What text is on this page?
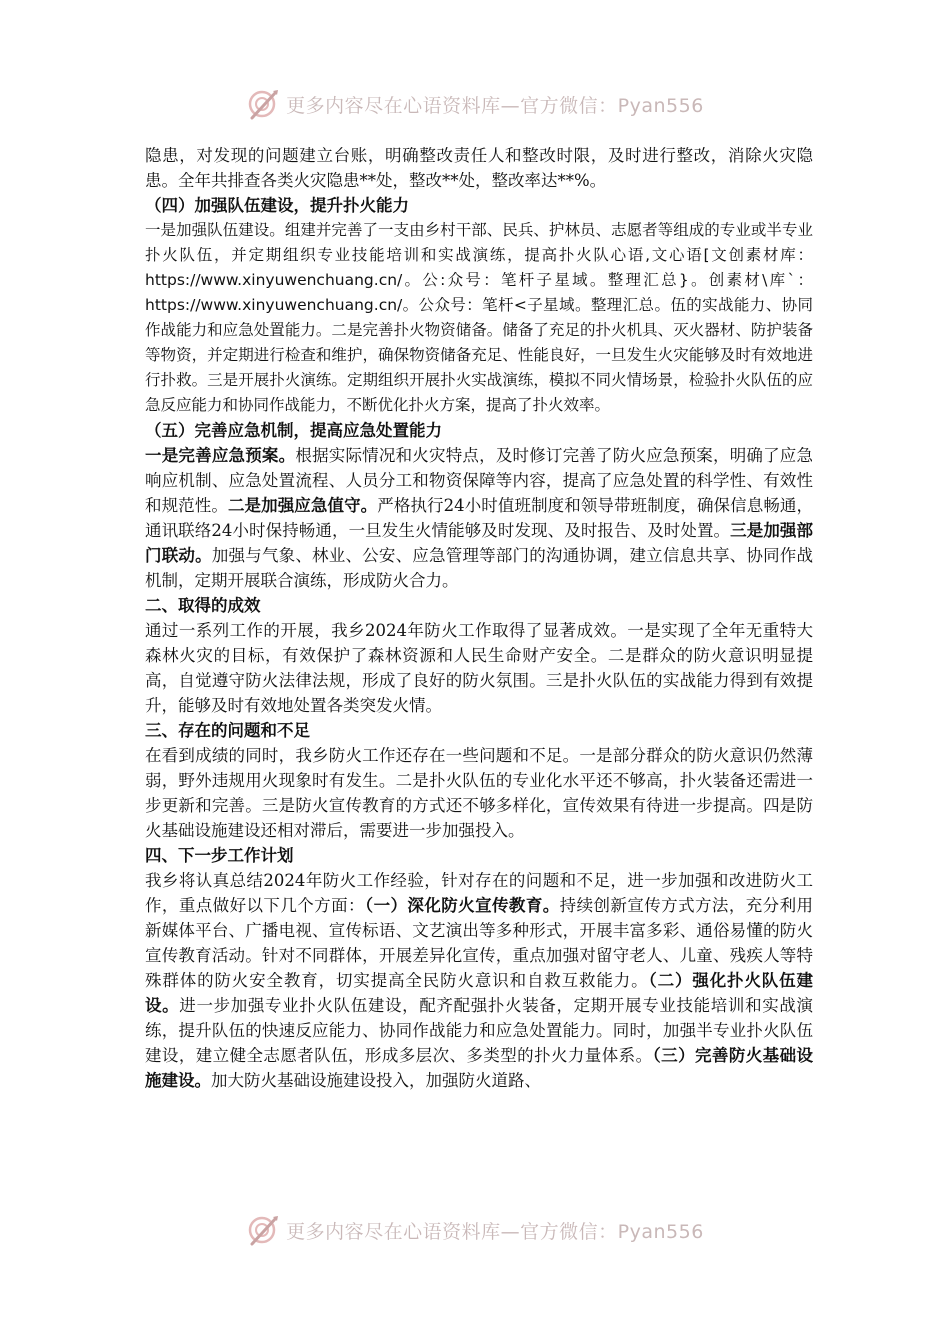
更多内容尽在心语资料库—官方微信：Pyan556

隐患，对发现的问题建立台账，明确整改责任人和整改时限，及时进行整改，消除火灾隐患。全年共排查各类火灾隐患**处，整改**处，整改率达**%。

（四）加强队伍建设，提升扑火能力

一是加强队伍建设。组建并完善了一支由乡村干部、民兵、护林员、志愿者等组成的专业或半专业扑火队伍，并定期组织专业技能培训和实战演练，提高扑火队心语,文心语[文创素材库：https://www.xinyuwenchuang.cn/。公:众号：笔杆子星域。整理汇总}。创素材\库`：https://www.xinyuwenchuang.cn/。公众号：笔杆<子星域。整理汇总。伍的实战能力、协同作战能力和应急处置能力。二是完善扑火物资储备。储备了充足的扑火机具、灭火器材、防护装备等物资，并定期进行检查和维护，确保物资储备充足、性能良好，一旦发生火灾能够及时有效地进行扑救。三是开展扑火演练。定期组织开展扑火实战演练，模拟不同火情场景，检验扑火队伍的应急反应能力和协同作战能力，不断优化扑火方案，提高了扑火效率。

（五）完善应急机制，提高应急处置能力

一是完善应急预案。根据实际情况和火灾特点，及时修订完善了防火应急预案，明确了应急响应机制、应急处置流程、人员分工和物资保障等内容，提高了应急处置的科学性、有效性和规范性。二是加强应急值守。严格执行24小时值班制度和领导带班制度，确保信息畅通，通讯联络24小时保持畅通，一旦发生火情能够及时发现、及时报告、及时处置。三是加强部门联动。加强与气象、林业、公安、应急管理等部门的沟通协调，建立信息共享、协同作战机制，定期开展联合演练，形成防火合力。

二、取得的成效

通过一系列工作的开展，我乡2024年防火工作取得了显著成效。一是实现了全年无重特大森林火灾的目标，有效保护了森林资源和人民生命财产安全。二是群众的防火意识明显提高，自觉遵守防火法律法规，形成了良好的防火氛围。三是扑火队伍的实战能力得到有效提升，能够及时有效地处置各类突发火情。

三、存在的问题和不足

在看到成绩的同时，我乡防火工作还存在一些问题和不足。一是部分群众的防火意识仍然薄弱，野外违规用火现象时有发生。二是扑火队伍的专业化水平还不够高，扑火装备还需进一步更新和完善。三是防火宣传教育的方式还不够多样化，宣传效果有待进一步提高。四是防火基础设施建设还相对滞后，需要进一步加强投入。

四、下一步工作计划

我乡将认真总结2024年防火工作经验，针对存在的问题和不足，进一步加强和改进防火工作，重点做好以下几个方面：（一）深化防火宣传教育。持续创新宣传方式方法，充分利用新媒体平台、广播电视、宣传标语、文艺演出等多种形式，开展丰富多彩、通俗易懂的防火宣传教育活动。针对不同群体，开展差异化宣传，重点加强对留守老人、儿童、残疾人等特殊群体的防火安全教育，切实提高全民防火意识和自救互救能力。（二）强化扑火队伍建设。进一步加强专业扑火队伍建设，配齐配强扑火装备，定期开展专业技能培训和实战演练，提升队伍的快速反应能力、协同作战能力和应急处置能力。同时，加强半专业扑火队伍建设，建立健全志愿者队伍，形成多层次、多类型的扑火力量体系。（三）完善防火基础设施建设。加大防火基础设施建设投入，加强防火道路、

更多内容尽在心语资料库—官方微信：Pyan556
